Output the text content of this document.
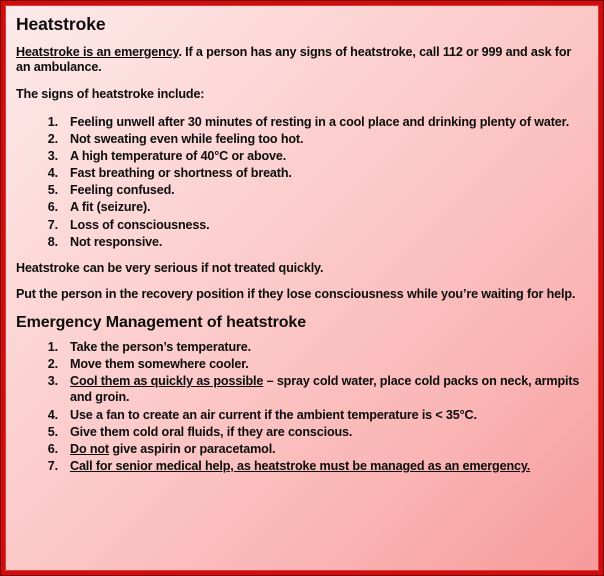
Heatstroke

Heatstroke is an emergency. If a person has any signs of heatstroke, call 112 or 999 and ask for an ambulance.

The signs of heatstroke include:

1. Feeling unwell after 30 minutes of resting in a cool place and drinking plenty of water.
2. Not sweating even while feeling too hot.
3. A high temperature of 40°C or above.
4. Fast breathing or shortness of breath.
5. Feeling confused.
6. A fit (seizure).
7. Loss of consciousness.
8. Not responsive.

Heatstroke can be very serious if not treated quickly.

Put the person in the recovery position if they lose consciousness while you’re waiting for help.

Emergency Management of heatstroke
1. Take the person’s temperature.
2. Move them somewhere cooler.
3. Cool them as quickly as possible – spray cold water, place cold packs on neck, armpits and groin.
4. Use a fan to create an air current if the ambient temperature is < 35°C.
5. Give them cold oral fluids, if they are conscious.
6. Do not give aspirin or paracetamol.
7. Call for senior medical help, as heatstroke must be managed as an emergency.
